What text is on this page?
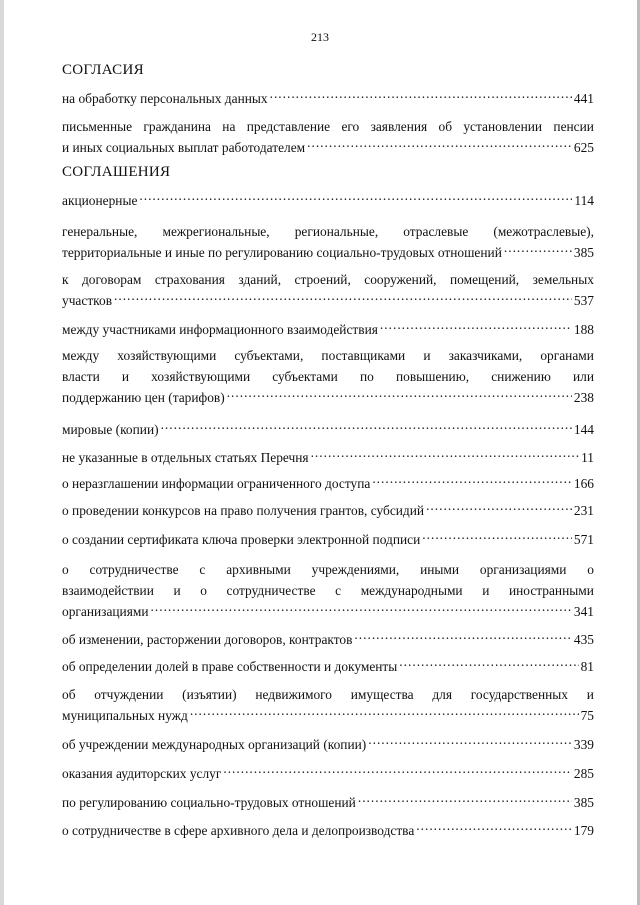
213
СОГЛАСИЯ
на обработку персональных данных .....	441
письменные гражданина на представление его заявления об установлении пенсии
и иных социальных выплат работодателем .....	625
СОГЛАШЕНИЯ
акционерные .....	114
генеральные, межрегиональные, региональные, отраслевые (межотраслевые),
территориальные и иные по регулированию социально-трудовых отношений .....	385
к договорам страхования зданий, строений, сооружений, помещений, земельных
участков .....	537
между участниками информационного взаимодействия .....	188
между хозяйствующими субъектами, поставщиками и заказчиками, органами
власти и хозяйствующими субъектами по повышению, снижению или
поддержанию цен (тарифов) .....	238
мировые (копии) .....	144
не указанные в отдельных статьях Перечня .....	11
о неразглашении информации ограниченного доступа .....	166
о проведении конкурсов на право получения грантов, субсидий .....	231
о создании сертификата ключа проверки электронной подписи .....	571
о сотрудничестве с архивными учреждениями, иными организациями о
взаимодействии и о сотрудничестве с международными и иностранными
организациями .....	341
об изменении, расторжении договоров, контрактов .....	435
об определении долей в праве собственности и документы .....	81
об отчуждении (изъятии) недвижимого имущества для государственных и
муниципальных нужд .....	75
об учреждении международных организаций (копии) .....	339
оказания аудиторских услуг .....	285
по регулированию социально-трудовых отношений .....	385
о сотрудничестве в сфере архивного дела и делопроизводства .....	179
